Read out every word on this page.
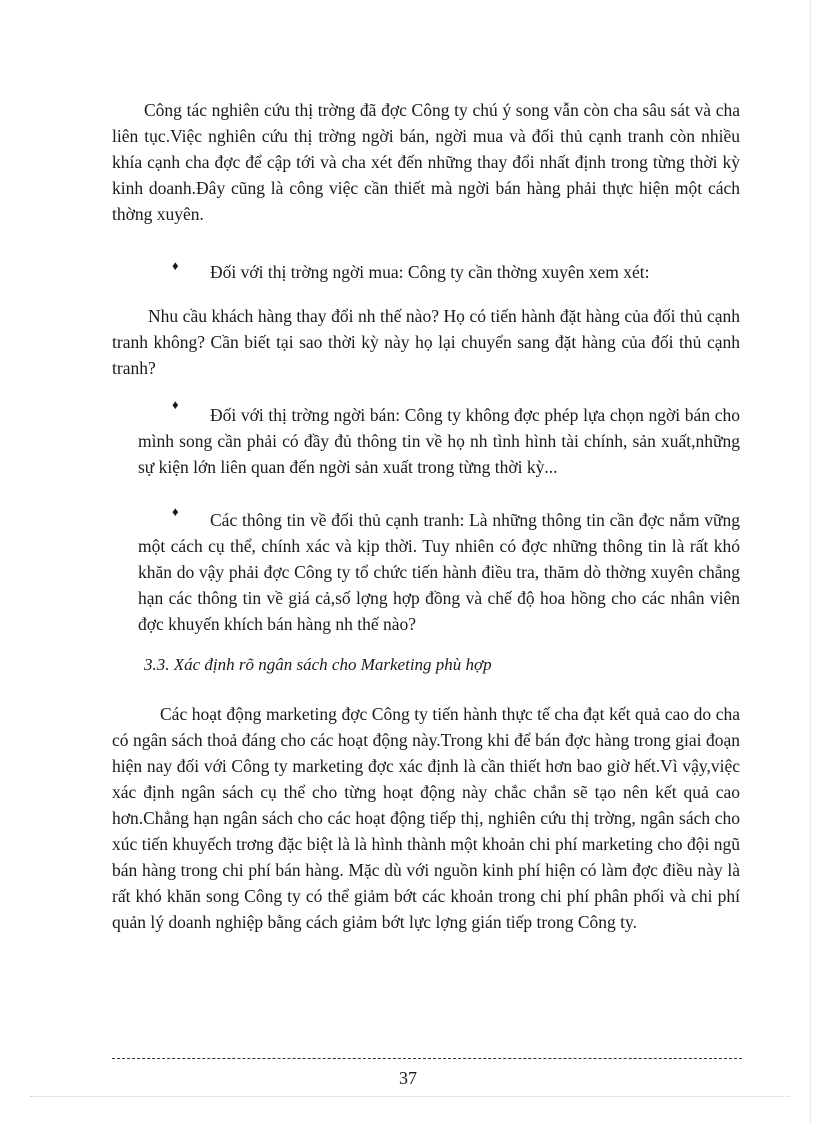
Công tác nghiên cứu thị trờng đã đợc Công ty chú ý song vẫn còn cha sâu sát và cha liên tục.Việc nghiên cứu thị trờng ngời bán, ngời mua và đối thủ cạnh tranh còn nhiều khía cạnh cha đợc để cập tới và cha xét đến những thay đổi nhất định trong từng thời kỳ kinh doanh.Đây cũng là công việc cần thiết mà ngời bán hàng phải thực hiện một cách thờng xuyên.
♦ Đối với thị trờng ngời mua: Công ty cần thờng xuyên xem xét:
Nhu cầu khách hàng thay đổi nh thế nào? Họ có tiến hành đặt hàng của đối thủ cạnh tranh không? Cần biết tại sao thời kỳ này họ lại chuyển sang đặt hàng của đối thủ cạnh tranh?
♦
Đối với thị trờng ngời bán: Công ty không đợc phép lựa chọn ngời bán cho mình song cần phải có đầy đủ thông tin về họ nh tình hình tài chính, sản xuất,những sự kiện lớn liên quan đến ngời sản xuất trong từng thời kỳ...
♦	Các thông tin về đối thủ cạnh tranh: Là những thông tin cần đợc nắm vững một cách cụ thể, chính xác và kịp thời. Tuy nhiên có đợc những thông tin là rất khó khăn do vậy phải đợc Công ty tổ chức tiến hành điều tra, thăm dò thờng xuyên chẳng hạn các thông tin về giá cả,số lợng hợp đồng và chế độ hoa hồng cho các nhân viên đợc khuyến khích bán hàng nh thế nào?
3.3. Xác định rõ ngân sách cho Marketing phù hợp
Các hoạt động marketing đợc Công ty tiến hành thực tế cha đạt kết quả cao do cha có ngân sách thoả đáng cho các hoạt động này.Trong khi để bán đợc hàng trong giai đoạn hiện nay đối với Công ty marketing đợc xác định là cần thiết hơn bao giờ hết.Vì vậy,việc xác định ngân sách cụ thể cho từng hoạt động này chắc chắn sẽ tạo nên kết quả cao hơn.Chẳng hạn ngân sách cho các hoạt động tiếp thị, nghiên cứu thị trờng, ngân sách cho xúc tiến khuyếch trơng đặc biệt là là hình thành một khoản chi phí marketing cho đội ngũ bán hàng trong chi phí bán hàng. Mặc dù với nguồn kinh phí hiện có làm đợc điều này là rất khó khăn song Công ty có thể giảm bớt các khoản trong chi phí phân phối và chi phí quản lý doanh nghiệp bằng cách giảm bớt lực lợng gián tiếp trong Công ty.
37
